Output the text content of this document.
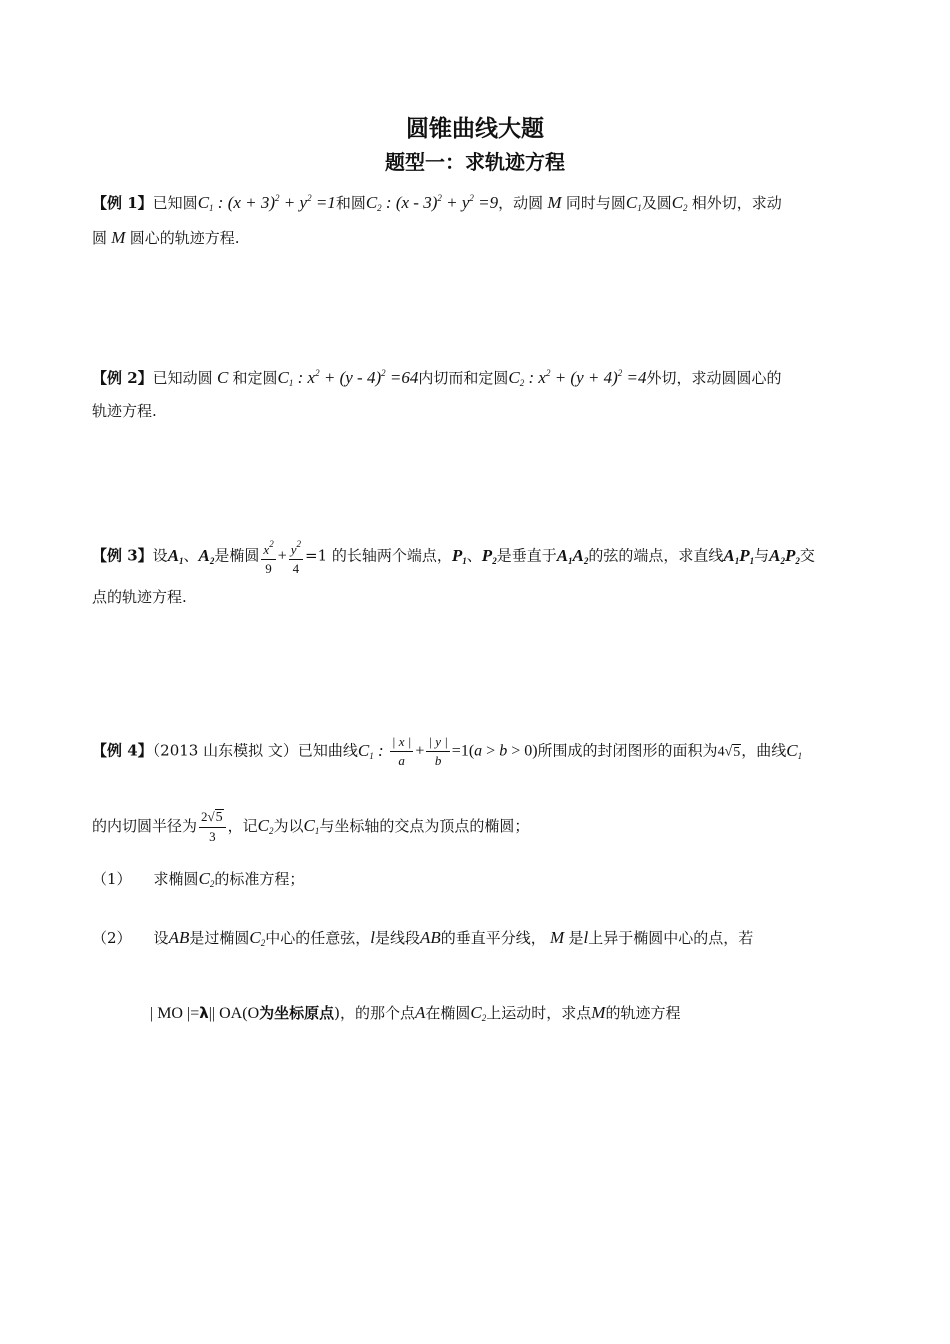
圆锥曲线大题
题型一：求轨迹方程
【例 1】已知圆$C_1$ : $(x + 3)^2 + y^2 =1$和圆$C_2$ : $(x - 3)^2 + y^2 =9$，动圆 M 同时与圆$C_1$及圆$C_2$ 相外切，求动
圆 M 圆心的轨迹方程.
【例 2】已知动圆 C 和定圆$C_1$ : $x^2 + (y - 4)^2 =64$内切而和定圆$C_2$ : $x^2 + (y + 4)^2 =4$外切，求动圆圆心的
轨迹方程.
【例 3】设$A_1$、$A_2$是椭圆 $\frac{x^2}{9} + \frac{y^2}{4} =1$ 的长轴两个端点，$P_1$、$P_2$是垂直于$A_1A_2$的弦的端点，求直线$A_1P_1$与$A_2P_2$交
点的轨迹方程.
【例 4】（2013 山东模拟 文）已知曲线$C_1$ : $\frac{| x |}{a} + \frac{| y |}{b} =1(a > b > 0)$所围成的封闭图形的面积为4√5，曲线$C_1$
的内切圆半径为 $\frac{2√5}{3}$ ，记$C_2$为以$C_1$与坐标轴的交点为顶点的椭圆；
（1） 求椭圆$C_2$的标准方程；
（2） 设AB是过椭圆$C_2$中心的任意弦，l是线段AB的垂直平分线， M 是l上异于椭圆中心的点，若
| MO |=λ|| OA(O为坐标原点)，的那个点A在椭圆$C_2$上运动时，求点M的轨迹方程
